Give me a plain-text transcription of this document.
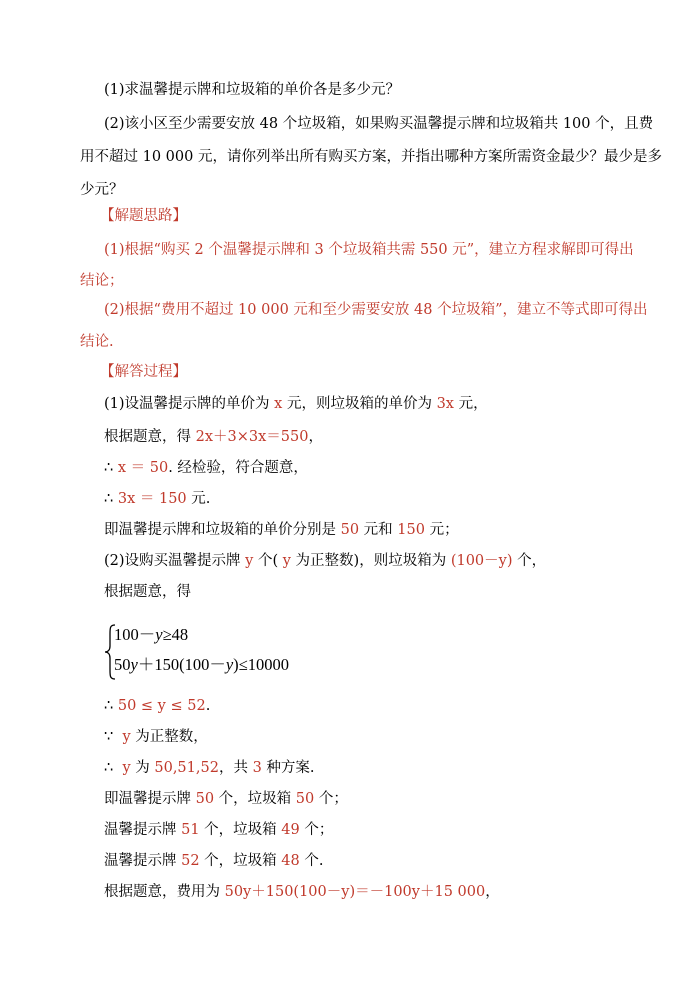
(1)求温馨提示牌和垃圾箱的单价各是多少元？
(2)该小区至少需要安放 48 个垃圾箱，如果购买温馨提示牌和垃圾箱共 100 个，且费
用不超过 10 000 元，请你列举出所有购买方案，并指出哪种方案所需资金最少？最少是多
少元？
【解题思路】
(1)根据“购买 2 个温馨提示牌和 3 个垃圾箱共需 550 元”，建立方程求解即可得出
结论；
(2)根据“费用不超过 10 000 元和至少需要安放 48 个垃圾箱”，建立不等式即可得出
结论.
【解答过程】
(1)设温馨提示牌的单价为 x 元，则垃圾箱的单价为 3x 元，
根据题意，得 2x＋3×3x＝550，
∴ x ＝ 50. 经检验，符合题意，
∴ 3x ＝ 150 元.
即温馨提示牌和垃圾箱的单价分别是 50 元和 150 元；
(2)设购买温馨提示牌 y 个( y 为正整数)，则垃圾箱为 (100－y) 个，
根据题意，得
100－y≥48
50y＋150(100－y)≤10000
∴ 50 ≤ y ≤ 52.
∵  y 为正整数，
∴  y 为 50,51,52，共 3 种方案.
即温馨提示牌 50 个，垃圾箱 50 个；
温馨提示牌 51 个，垃圾箱 49 个；
温馨提示牌 52 个，垃圾箱 48 个.
根据题意，费用为 50y＋150(100－y)＝－100y＋15 000，
